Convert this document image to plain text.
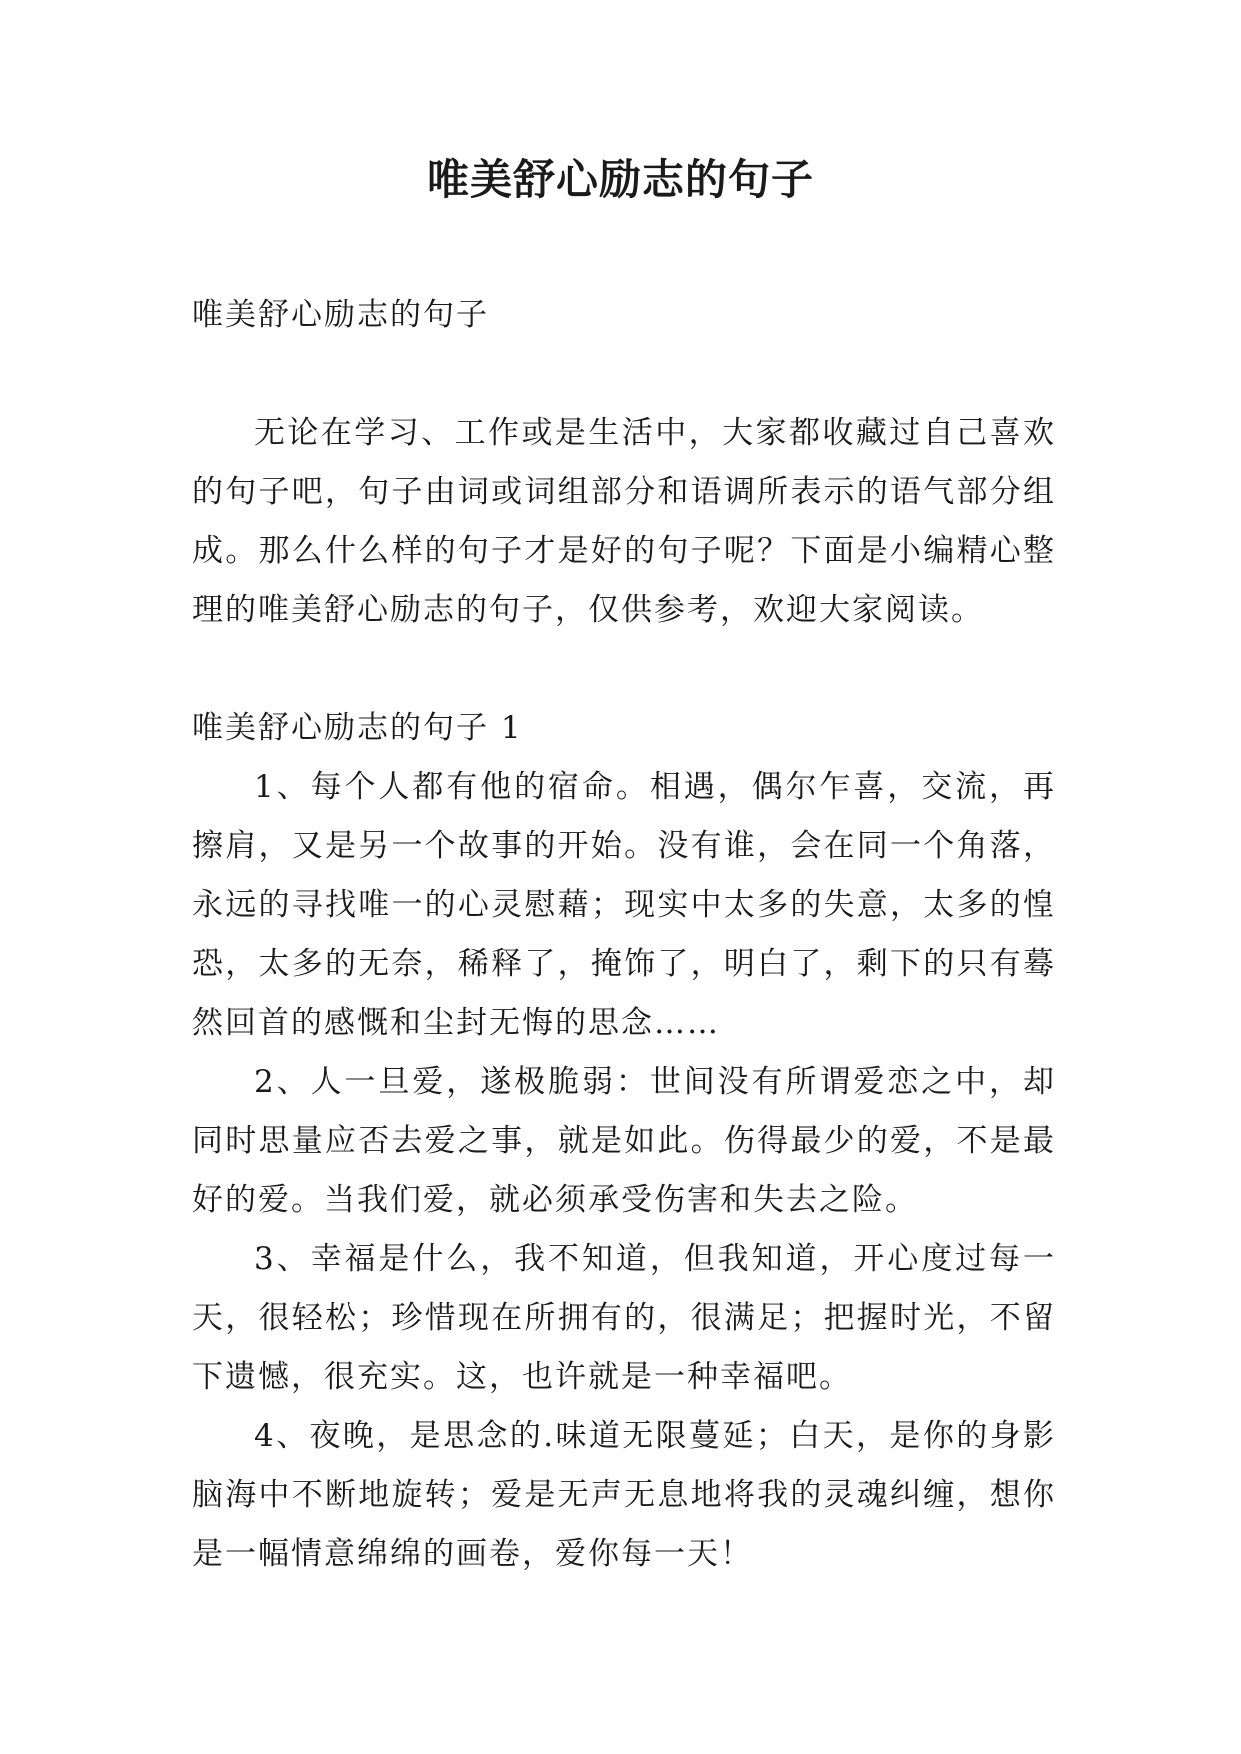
唯美舒心励志的句子

唯美舒心励志的句子

无论在学习、工作或是生活中，大家都收藏过自己喜欢的句子吧，句子由词或词组部分和语调所表示的语气部分组成。那么什么样的句子才是好的句子呢？下面是小编精心整理的唯美舒心励志的句子，仅供参考，欢迎大家阅读。

唯美舒心励志的句子 1

1、每个人都有他的宿命。相遇，偶尔乍喜，交流，再擦肩，又是另一个故事的开始。没有谁，会在同一个角落，永远的寻找唯一的心灵慰藉；现实中太多的失意，太多的惶恐，太多的无奈，稀释了，掩饰了，明白了，剩下的只有蓦然回首的感慨和尘封无悔的思念……

2、人一旦爱，遂极脆弱：世间没有所谓爱恋之中，却同时思量应否去爱之事，就是如此。伤得最少的爱，不是最好的爱。当我们爱，就必须承受伤害和失去之险。

3、幸福是什么，我不知道，但我知道，开心度过每一天，很轻松；珍惜现在所拥有的，很满足；把握时光，不留下遗憾，很充实。这，也许就是一种幸福吧。

4、夜晚，是思念的.味道无限蔓延；白天，是你的身影脑海中不断地旋转；爱是无声无息地将我的灵魂纠缠，想你是一幅情意绵绵的画卷，爱你每一天！
